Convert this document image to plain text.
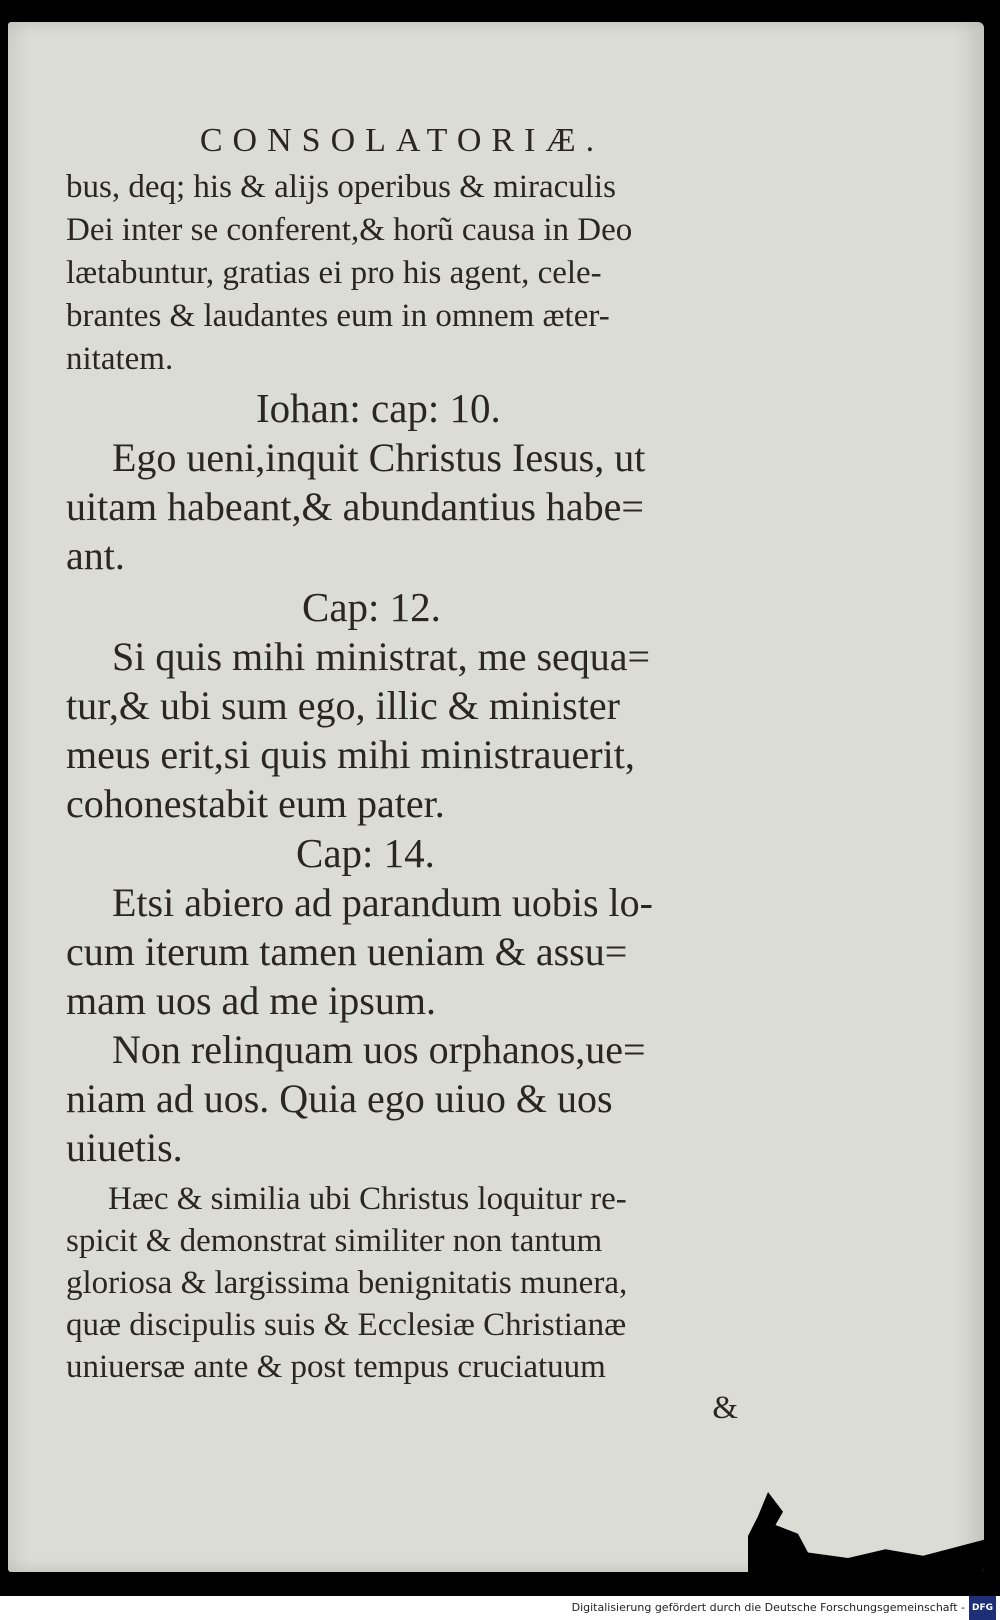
CONSOLATORIÆ.
bus, deq; his & alijs operibus & miraculis
Dei inter se conferent,& horũ causa in Deo
lætabuntur, gratias ei pro his agent, cele-
brantes & laudantes eum in omnem æter-
nitatem.
Iohan: cap: 10.
Ego ueni,inquit Christus Iesus, ut
uitam habeant,& abundantius habe=
ant.
Cap: 12.
Si quis mihi ministrat, me sequa=
tur,& ubi sum ego, illic & minister
meus erit,si quis mihi ministrauerit,
cohonestabit eum pater.
Cap: 14.
Etsi abiero ad parandum uobis lo-
cum iterum tamen ueniam & assu=
mam uos ad me ipsum.
Non relinquam uos orphanos,ue=
niam ad uos. Quia ego uiuo & uos
uiuetis.
Hæc & similia ubi Christus loquitur re-
spicit & demonstrat similiter non tantum
gloriosa & largissima benignitatis munera,
quæ discipulis suis & Ecclesiæ Christianæ
uniuersæ ante & post tempus cruciatuum
&
Digitalisierung gefördert durch die Deutsche Forschungsgemeinschaft - DFG
